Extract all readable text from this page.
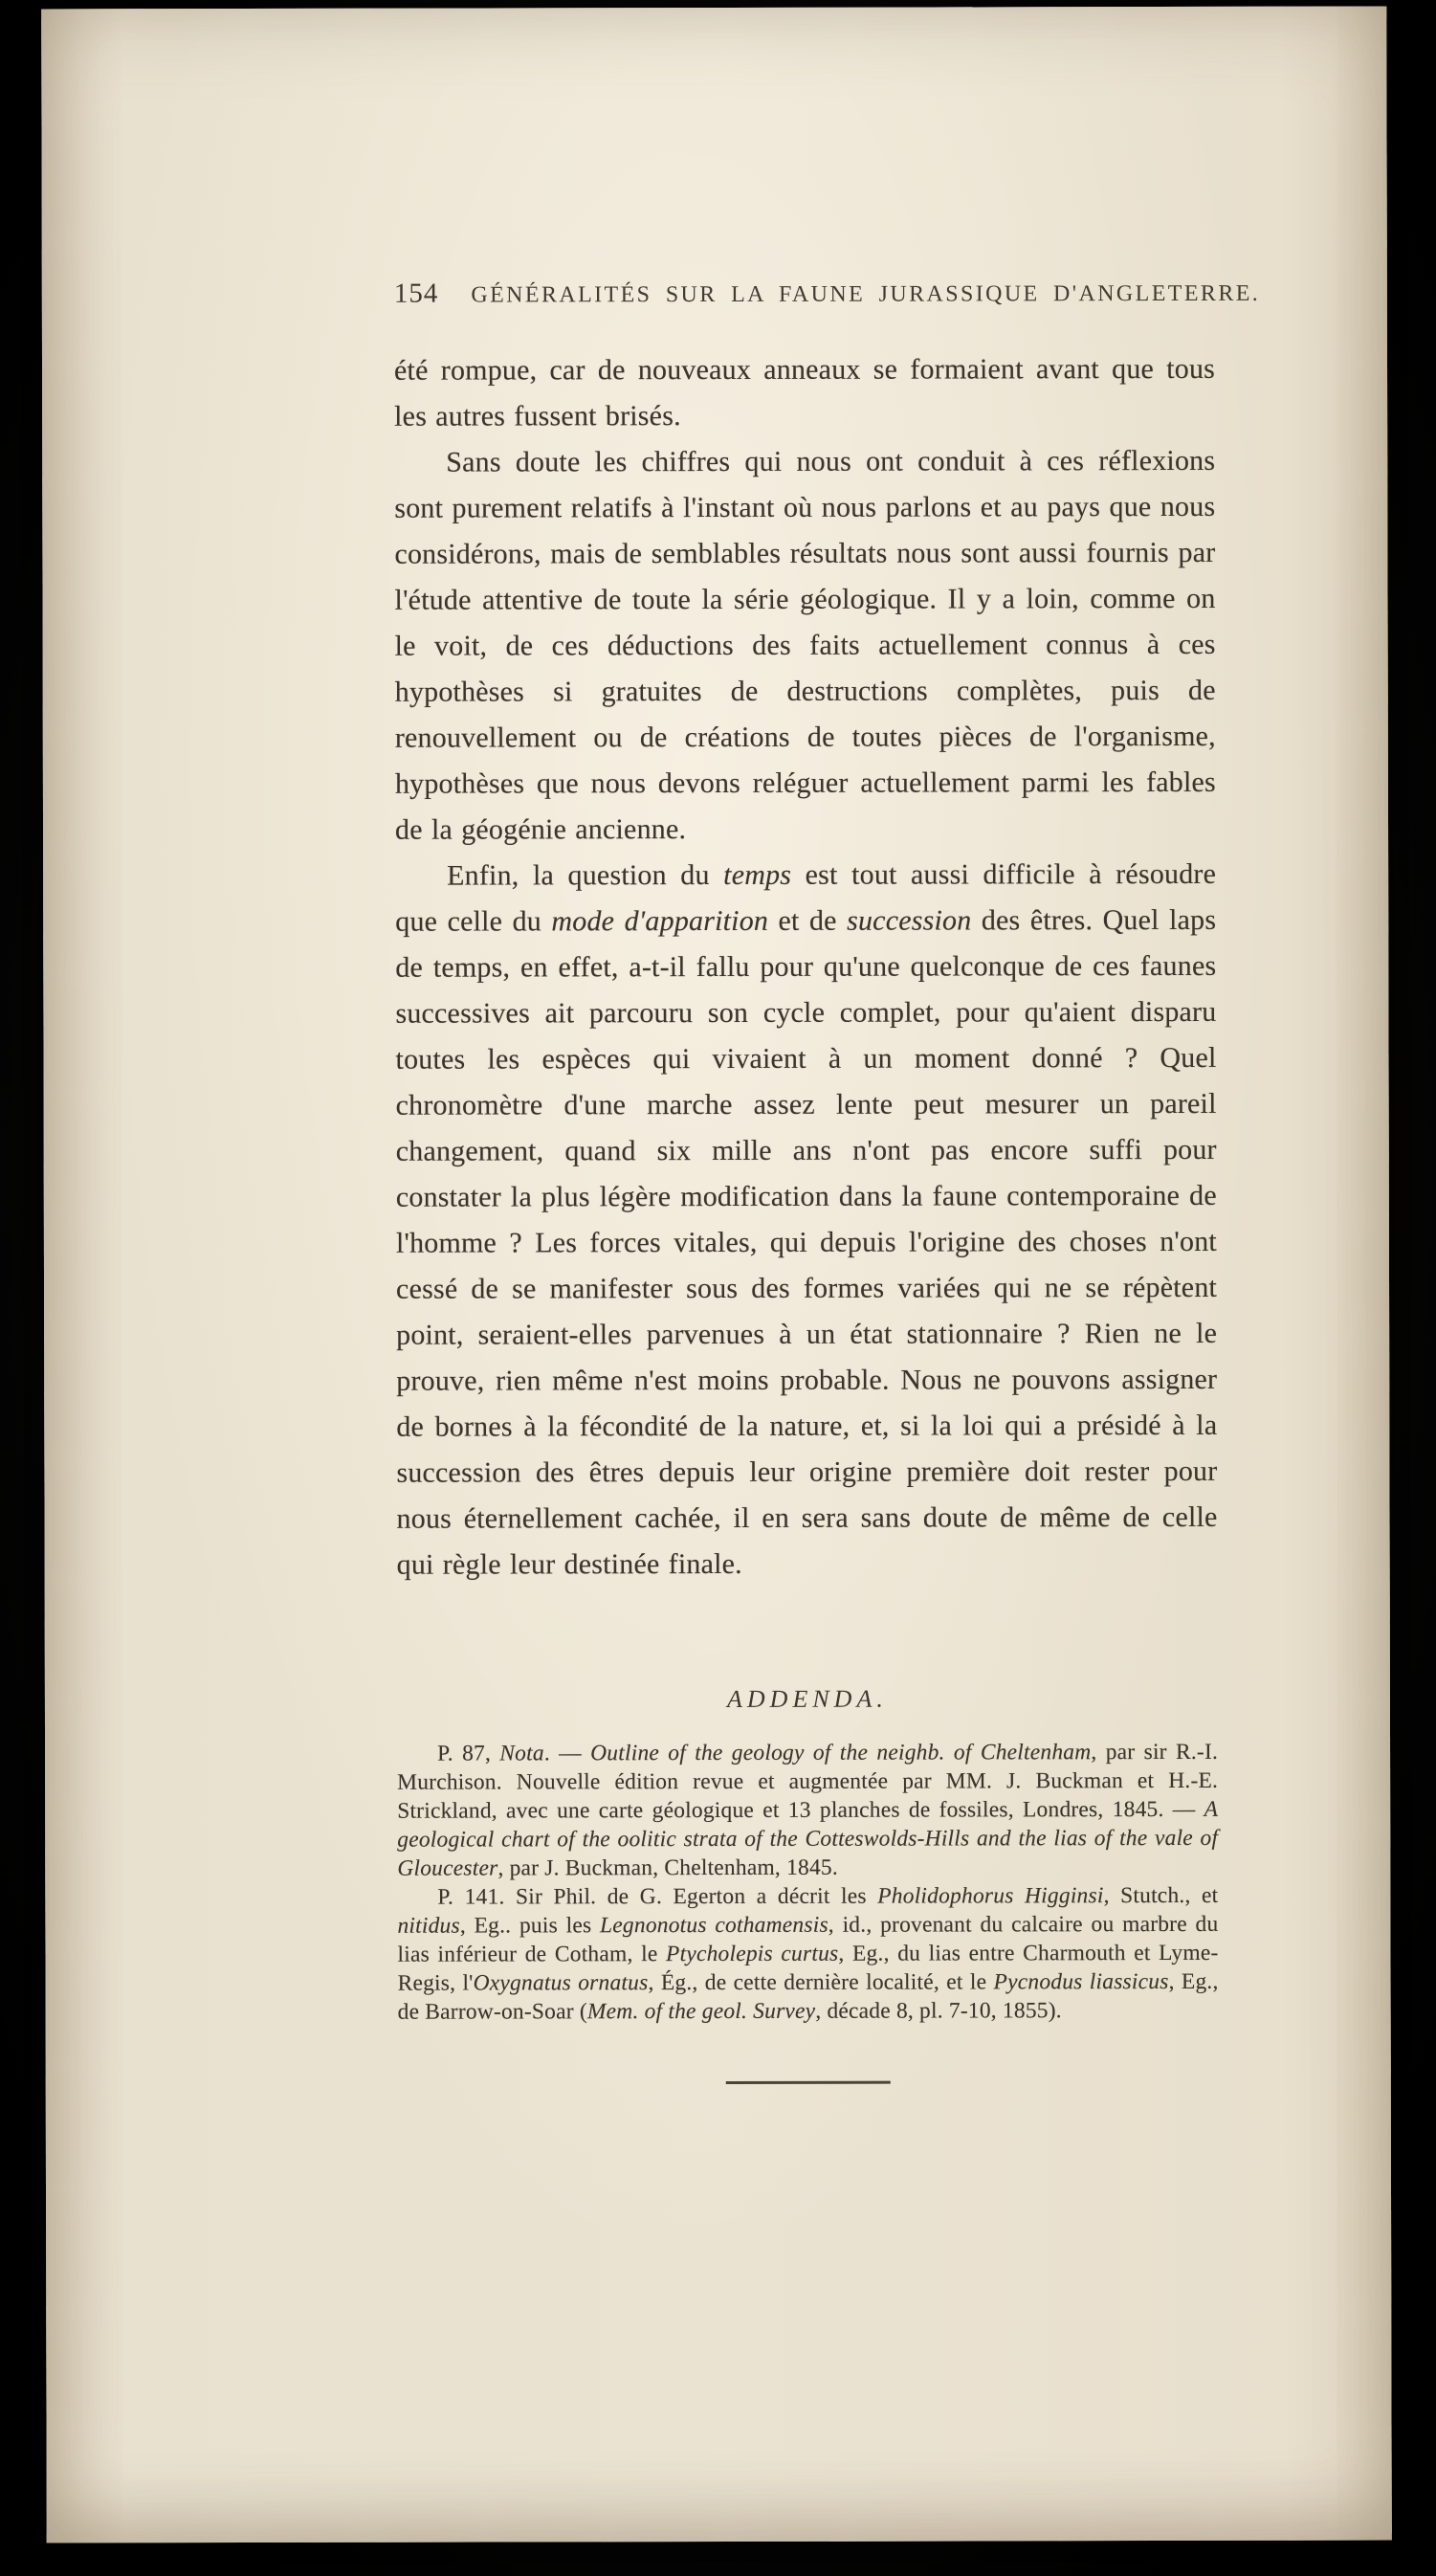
154 GÉNÉRALITÉS SUR LA FAUNE JURASSIQUE D'ANGLETERRE.

été rompue, car de nouveaux anneaux se formaient avant que tous les autres fussent brisés.

Sans doute les chiffres qui nous ont conduit à ces réflexions sont purement relatifs à l'instant où nous parlons et au pays que nous considérons, mais de semblables résultats nous sont aussi fournis par l'étude attentive de toute la série géologique. Il y a loin, comme on le voit, de ces déductions des faits actuellement connus à ces hypothèses si gratuites de destructions complètes, puis de renouvellement ou de créations de toutes pièces de l'organisme, hypothèses que nous devons reléguer actuellement parmi les fables de la géogénie ancienne.

Enfin, la question du temps est tout aussi difficile à résoudre que celle du mode d'apparition et de succession des êtres. Quel laps de temps, en effet, a-t-il fallu pour qu'une quelconque de ces faunes successives ait parcouru son cycle complet, pour qu'aient disparu toutes les espèces qui vivaient à un moment donné ? Quel chronomètre d'une marche assez lente peut mesurer un pareil changement, quand six mille ans n'ont pas encore suffi pour constater la plus légère modification dans la faune contemporaine de l'homme ? Les forces vitales, qui depuis l'origine des choses n'ont cessé de se manifester sous des formes variées qui ne se répètent point, seraient-elles parvenues à un état stationnaire ? Rien ne le prouve, rien même n'est moins probable. Nous ne pouvons assigner de bornes à la fécondité de la nature, et, si la loi qui a présidé à la succession des êtres depuis leur origine première doit rester pour nous éternellement cachée, il en sera sans doute de même de celle qui règle leur destinée finale.

ADDENDA.

P. 87, Nota. — Outline of the geology of the neighb. of Cheltenham, par sir R.-I. Murchison. Nouvelle édition revue et augmentée par MM. J. Buckman et H.-E. Strickland, avec une carte géologique et 13 planches de fossiles, Londres, 1845. — A geological chart of the oolitic strata of the Cotteswolds-Hills and the lias of the vale of Gloucester, par J. Buckman, Cheltenham, 1845.

P. 141. Sir Phil. de G. Egerton a décrit les Pholidophorus Higginsi, Stutch., et nitidus, Eg.. puis les Legnonotus cothamensis, id., provenant du calcaire ou marbre du lias inférieur de Cotham, le Ptycholepis curtus, Eg., du lias entre Charmouth et Lyme-Regis, l'Oxygnatus ornatus, Ég., de cette dernière localité, et le Pycnodus liassicus, Eg., de Barrow-on-Soar (Mem. of the geol. Survey, décade 8, pl. 7-10, 1855).
